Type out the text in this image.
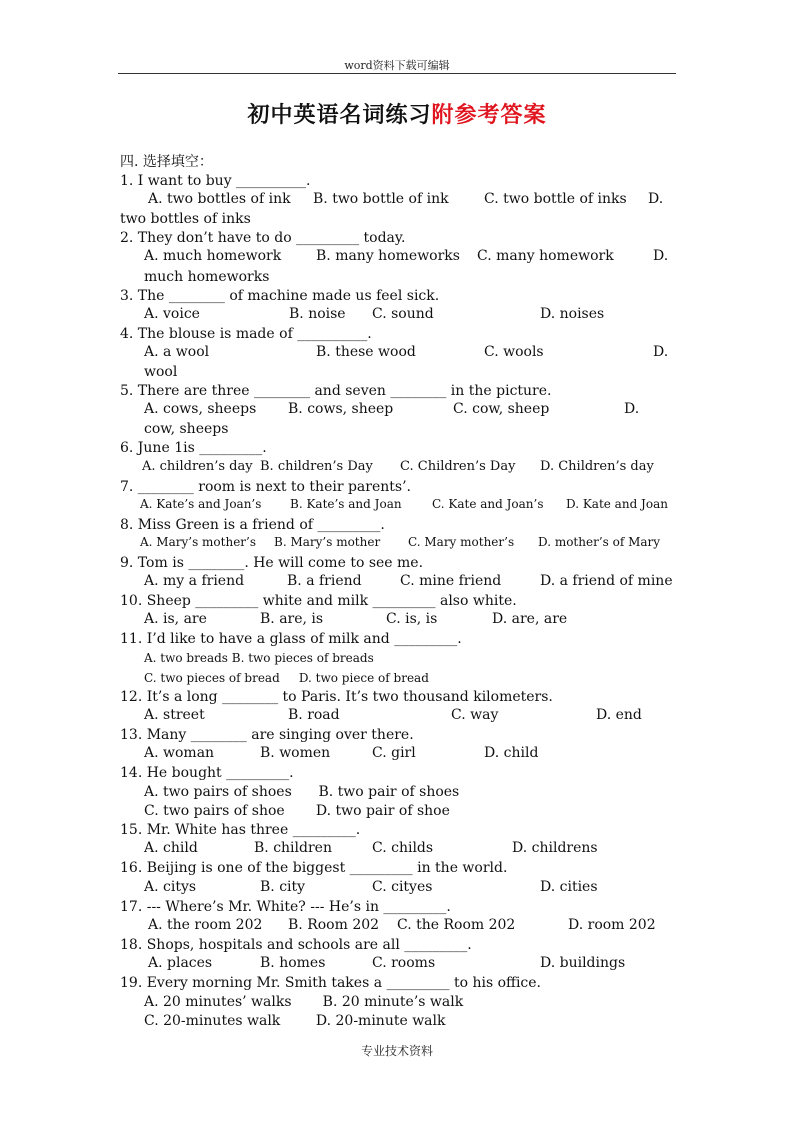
word资料下载可编辑
初中英语名词练习附参考答案
四. 选择填空：
1. I want to buy __________.
A. two bottles of ink B. two bottle of ink	C. two bottle of inks D.
two bottles of inks
2. They don’t have to do _________ today.
A. much homework B. many homeworks C. many homework	D.
much homeworks
3. The ________ of machine made us feel sick.
A. voice	B. noise C. sound	D. noises
4. The blouse is made of __________.
A. a wool	B. these wood	C. wools	D.
wool
5. There are three ________ and seven ________ in the picture.
A. cows, sheeps B. cows, sheep	C. cow, sheep	D.
cow, sheeps
6. June 1is _________.
A. children’s day B. children’s Day C. Children’s Day D. Children’s day
7. ________ room is next to their parents’.
A. Kate’s and Joan’s B. Kate’s and Joan	C. Kate and Joan’s D. Kate and Joan
8. Miss Green is a friend of _________.
A. Mary’s mother’s B. Mary’s mother C. Mary mother’s D. mother’s of Mary
9. Tom is ________. He will come to see me.
A. my a friend	B. a friend	C. mine friend	D. a friend of mine
10. Sheep _________ white and milk _________ also white.
A. is, are	B. are, is	C. is, is	D. are, are
11. I’d like to have a glass of milk and _________.
A. two breads B. two pieces of breads
C. two pieces of bread     D. two piece of bread
12. It’s a long ________ to Paris. It’s two thousand kilometers.
A. street	B. road	C. way	D. end
13. Many ________ are singing over there.
A. woman	B. women	C. girl	D. child
14. He bought _________.
A. two pairs of shoes      B. two pair of shoes
C. two pairs of shoe       D. two pair of shoe
15. Mr. White has three _________.
A. child	B. children	C. childs	D. childrens
16. Beijing is one of the biggest _________ in the world.
A. citys	B. city	C. cityes	D. cities
17. --- Where’s Mr. White? --- He’s in _________.
A. the room 202 B. Room 202 C. the Room 202	D. room 202
18. Shops, hospitals and schools are all _________.
A. places	B. homes	C. rooms	D. buildings
19. Every morning Mr. Smith takes a _________ to his office.
A. 20 minutes’ walks       B. 20 minute’s walk
C. 20-minutes walk        D. 20-minute walk
专业技术资料
